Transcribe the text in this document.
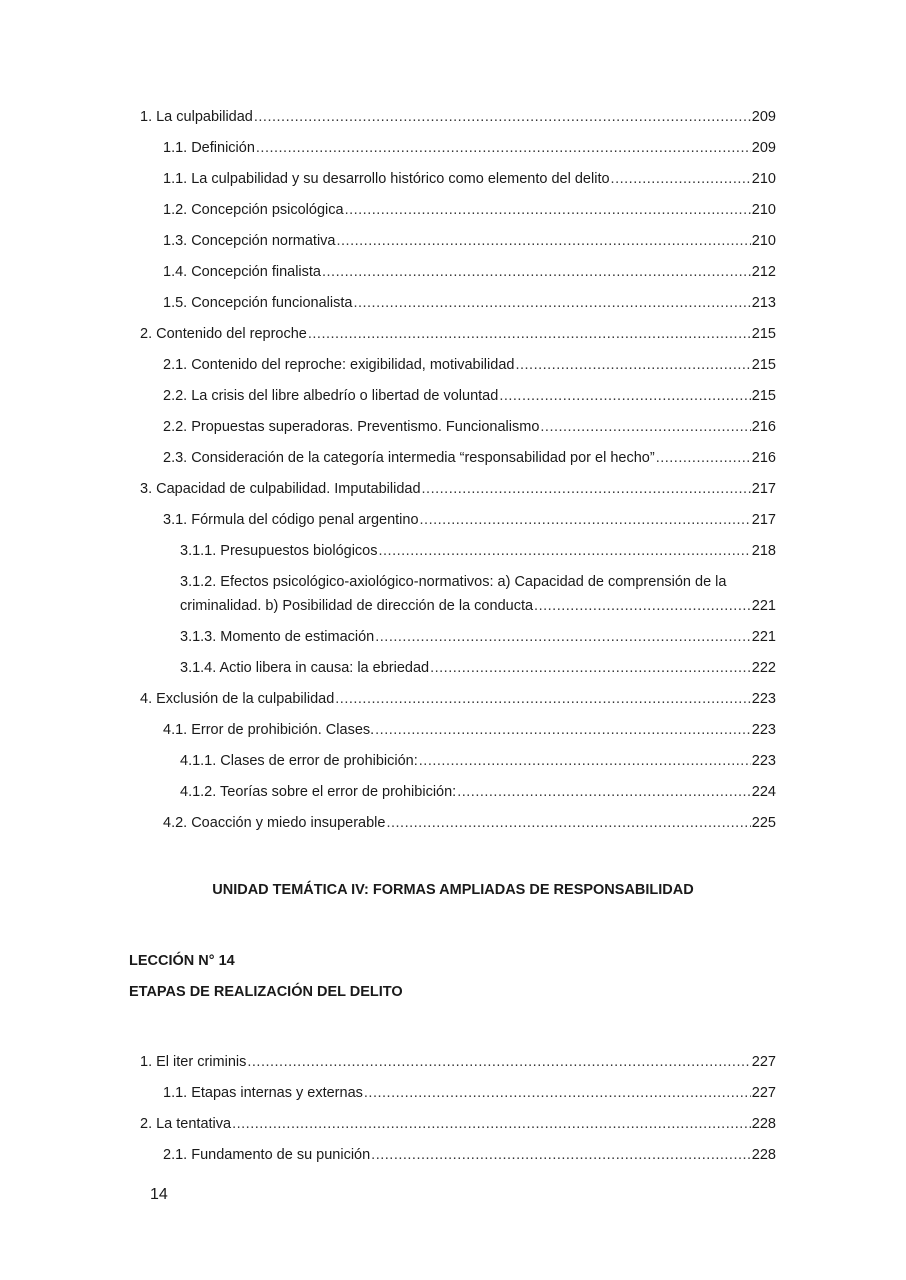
1. La culpabilidad .....	209
1.1. Definición .....	209
1.1. La culpabilidad y su desarrollo histórico como elemento del delito .....	210
1.2. Concepción psicológica .....	210
1.3. Concepción normativa .....	210
1.4. Concepción finalista .....	212
1.5. Concepción funcionalista .....	213
2. Contenido del reproche .....	215
2.1. Contenido del reproche: exigibilidad, motivabilidad .....	215
2.2. La crisis del libre albedrío o libertad de voluntad .....	215
2.2. Propuestas superadoras. Preventismo. Funcionalismo .....	216
2.3. Consideración de la categoría intermedia “responsabilidad por el hecho” .....	216
3. Capacidad de culpabilidad. Imputabilidad .....	217
3.1. Fórmula del código penal argentino .....	217
3.1.1. Presupuestos biológicos .....	218
3.1.2. Efectos psicológico-axiológico-normativos: a) Capacidad de comprensión de la
criminalidad. b) Posibilidad de dirección de la conducta .....	221
3.1.3. Momento de estimación .....	221
3.1.4. Actio libera in causa: la ebriedad .....	222
4. Exclusión de la culpabilidad .....	223
4.1. Error de prohibición. Clases. .....	223
4.1.1. Clases de error de prohibición: .....	223
4.1.2. Teorías sobre el error de prohibición: .....	224
4.2. Coacción y miedo insuperable .....	225
UNIDAD TEMÁTICA IV: FORMAS AMPLIADAS DE RESPONSABILIDAD
LECCIÓN N° 14
ETAPAS DE REALIZACIÓN DEL DELITO
1. El iter criminis .....	227
1.1. Etapas internas y externas .....	227
2. La tentativa .....	228
2.1. Fundamento de su punición .....	228
14
